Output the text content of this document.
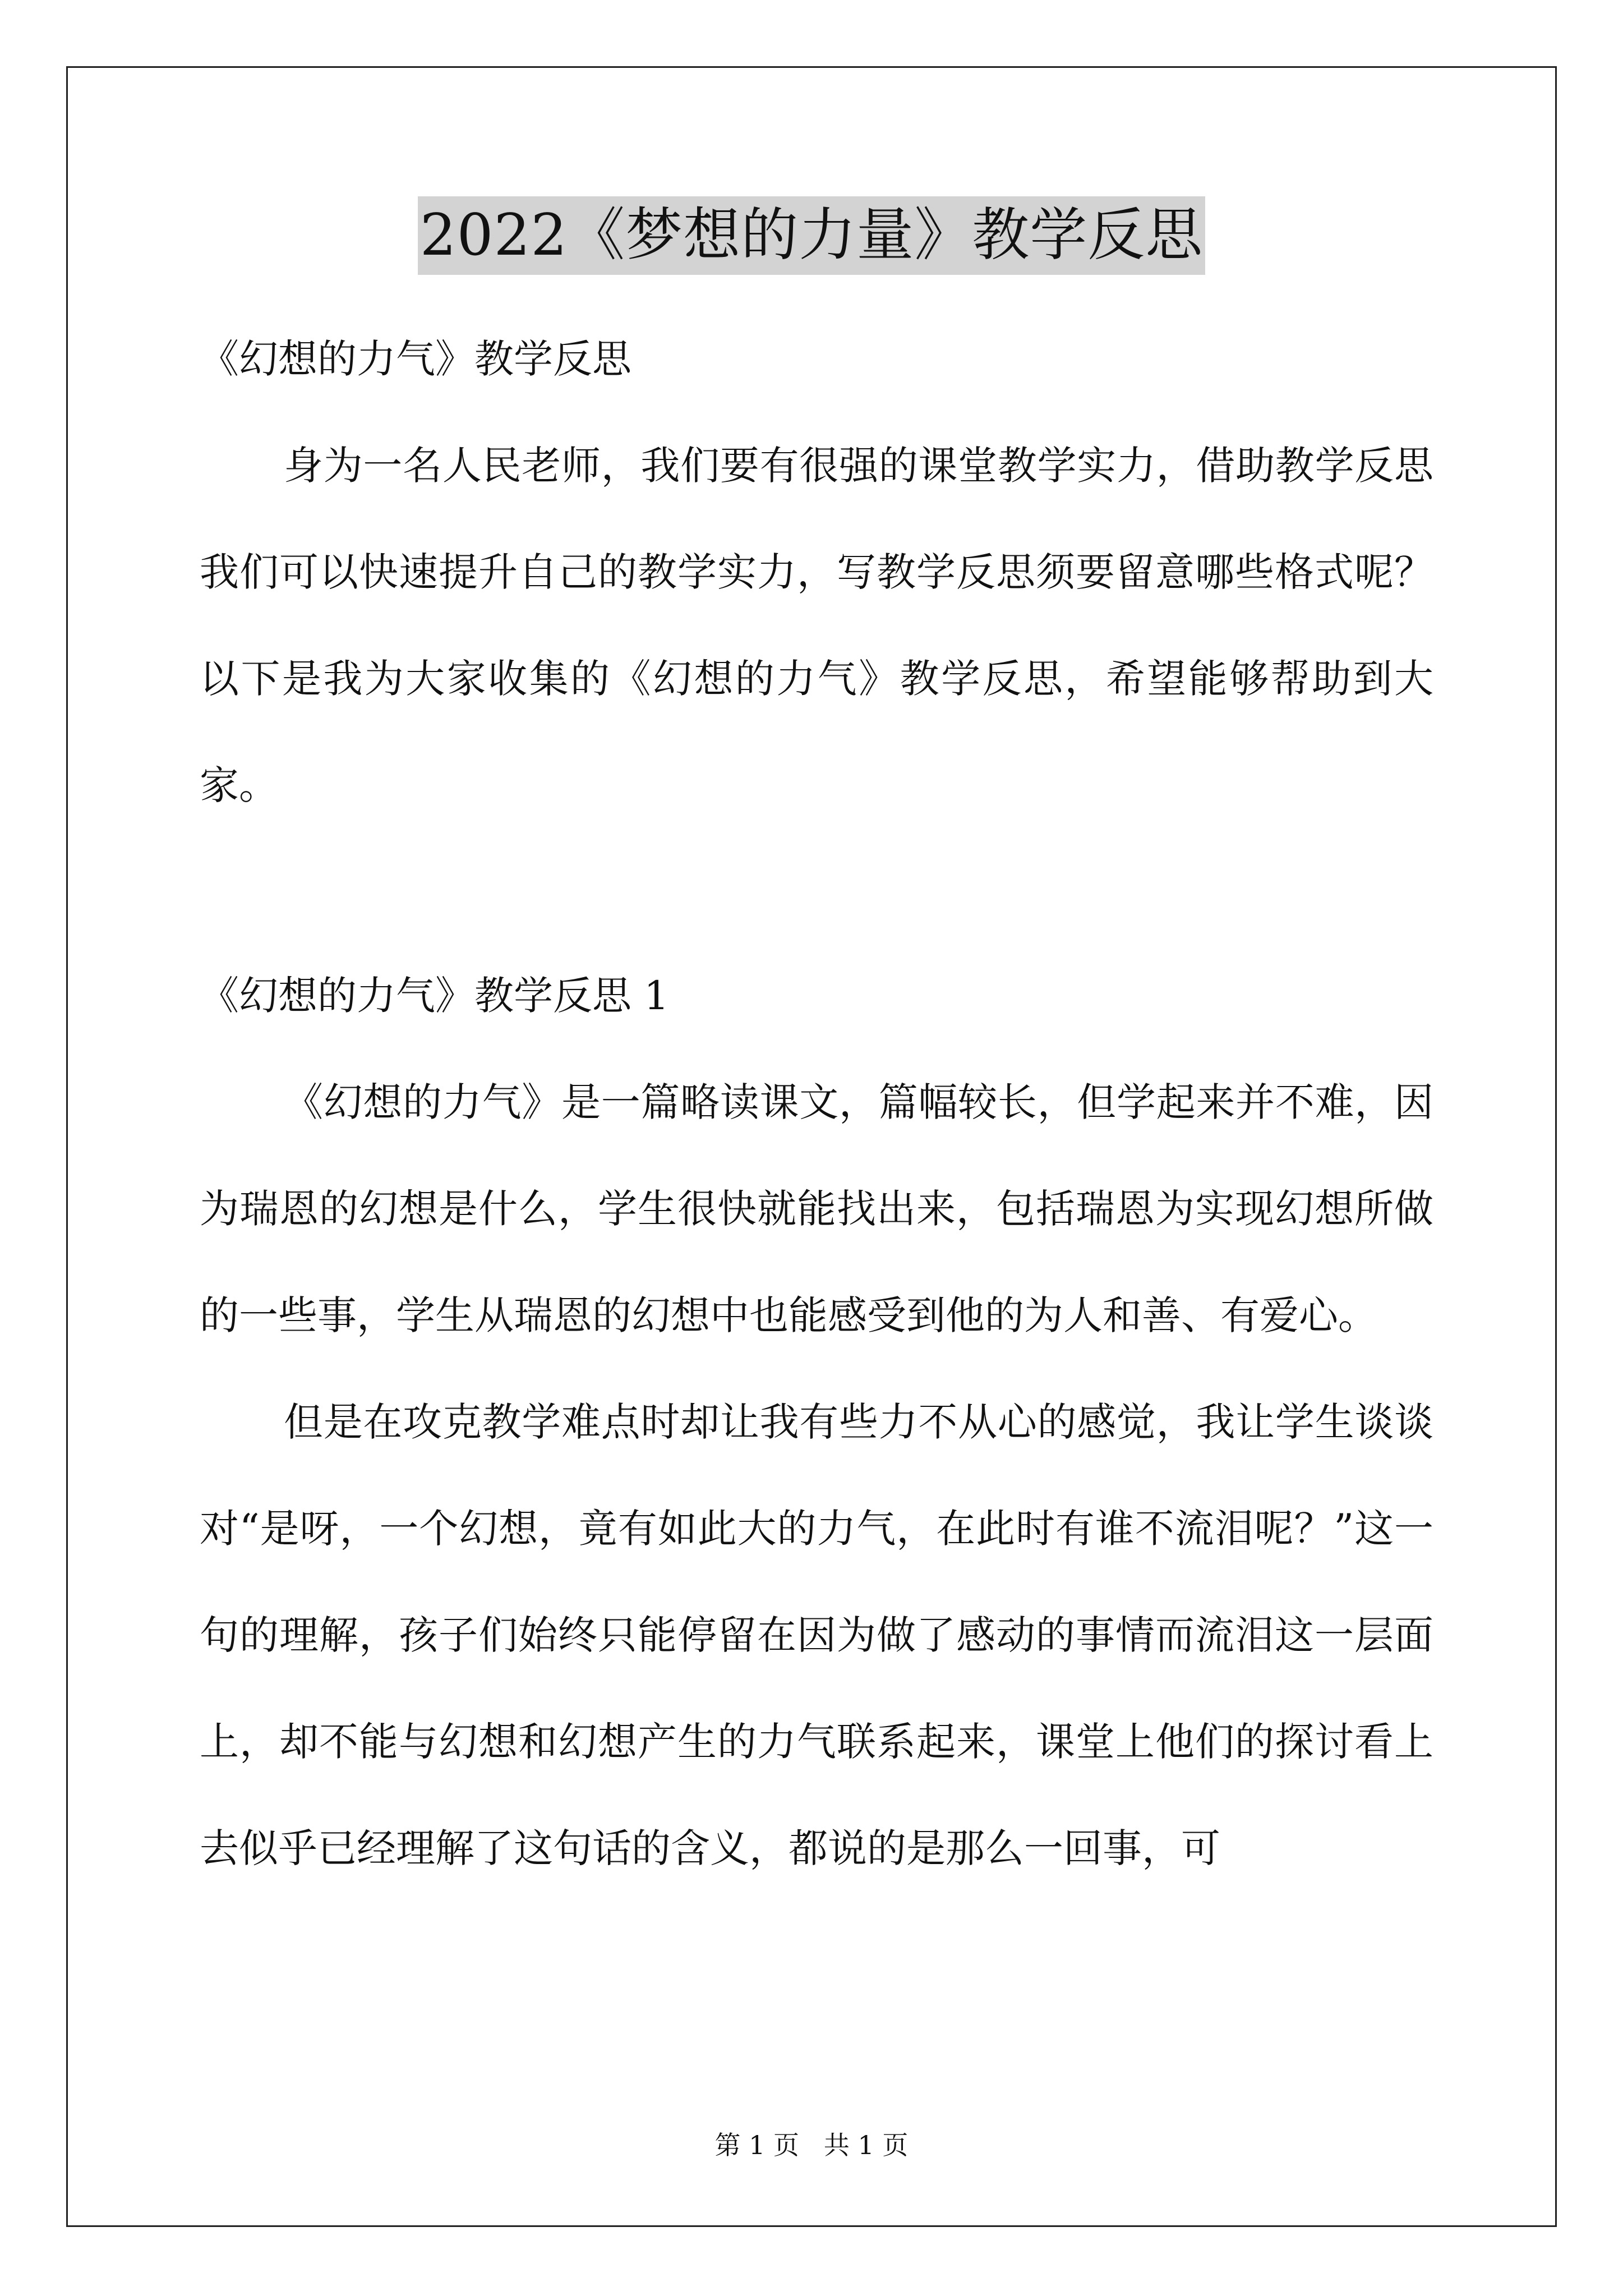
2022《梦想的力量》教学反思

《幻想的力气》教学反思

身为一名人民老师，我们要有很强的课堂教学实力，借助教学反思我们可以快速提升自己的教学实力，写教学反思须要留意哪些格式呢？以下是我为大家收集的《幻想的力气》教学反思，希望能够帮助到大家。

《幻想的力气》教学反思 1

《幻想的力气》是一篇略读课文，篇幅较长，但学起来并不难，因为瑞恩的幻想是什么，学生很快就能找出来，包括瑞恩为实现幻想所做的一些事，学生从瑞恩的幻想中也能感受到他的为人和善、有爱心。

但是在攻克教学难点时却让我有些力不从心的感觉，我让学生谈谈对“是呀，一个幻想，竟有如此大的力气，在此时有谁不流泪呢？”这一句的理解，孩子们始终只能停留在因为做了感动的事情而流泪这一层面上，却不能与幻想和幻想产生的力气联系起来，课堂上他们的探讨看上去似乎已经理解了这句话的含义，都说的是那么一回事，可

第 1 页   共 1 页
